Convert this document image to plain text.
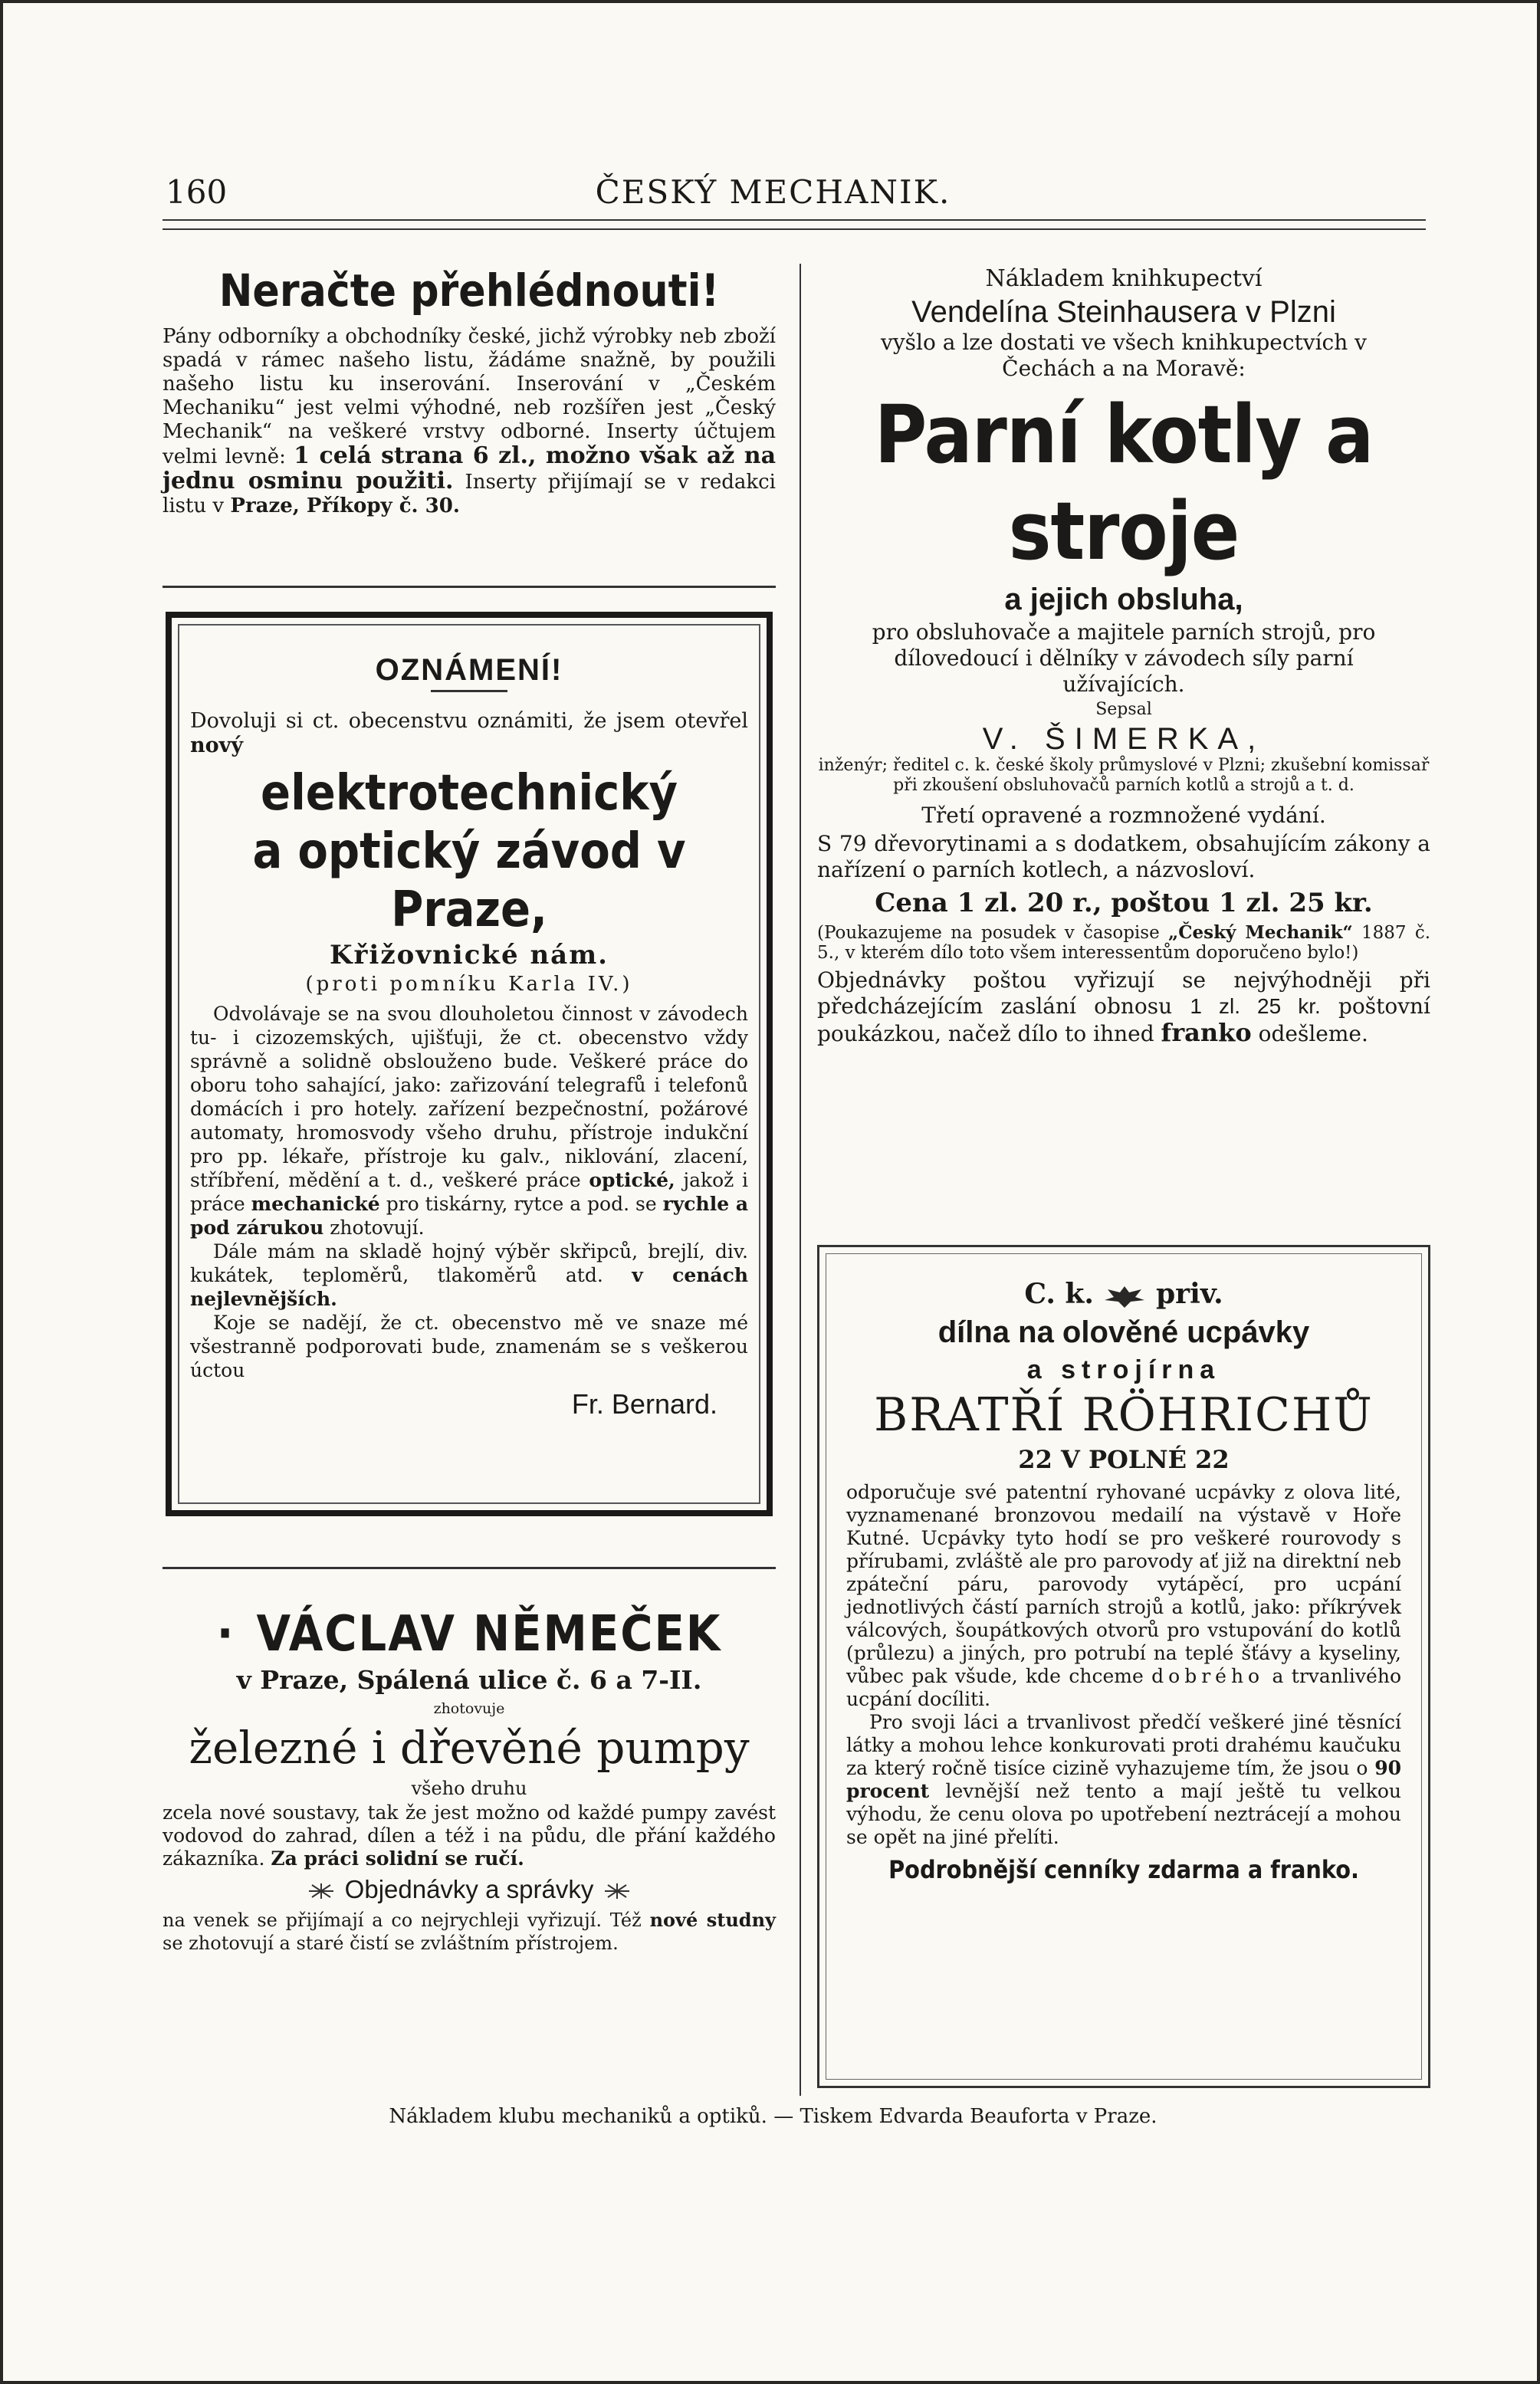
ČESKÝ MECHANIK.
160

Neračte přehlédnouti!

Pány odborníky a obchodníky české, jichž výrobky neb zboží spadá v rámec našeho listu, žádáme snažně, by použili našeho listu ku inserování. Inserování v „Českém Mechaniku“ jest velmi výhodné, neb rozšířen jest „Český Mechanik“ na veškeré vrstvy odborné. Inserty účtujem velmi levně: 1 celá strana 6 zl., možno však až na jednu osminu použiti. Inserty přijímají se v redakci listu v Praze, Příkopy č. 30.

OZNÁMENÍ!

Dovoluji si ct. obecenstvu oznámiti, že jsem otevřel nový

elektrotechnický

a optický závod v Praze,

Křižovnické nám.

(proti pomníku Karla IV.)

Odvolávaje se na svou dlouholetou činnost v závodech tu- i cizozemských, ujišťuji, že ct. obecenstvo vždy správně a solidně obslouženo bude. Veškeré práce do oboru toho sahající, jako: zařizování telegrafů i telefonů domácích i pro hotely. zařízení bezpečnostní, požárové automaty, hromosvody všeho druhu, přístroje indukční pro pp. lékaře, přístroje ku galv., niklování, zlacení, stříbření, mědění a t. d., veškeré práce optické, jakož i práce mechanické pro tiskárny, rytce a pod. se rychle a pod zárukou zhotovují.

Dále mám na skladě hojný výběr skřipců, brejlí, div. kukátek, teploměrů, tlakoměrů atd. v cenách nejlevnějších.

Koje se nadějí, že ct. obecenstvo mě ve snaze mé všestranně podporovati bude, znamenám se s veškerou úctou

Fr. Bernard.

· VÁCLAV NĚMEČEK

v Praze, Spálená ulice č. 6 a 7-II.

zhotovuje

železné i dřevěné pumpy

všeho druhu

zcela nové soustavy, tak že jest možno od každé pumpy zavést vodovod do zahrad, dílen a též i na půdu, dle přání každého zákazníka. Za práci solidní se ručí.

Objednávky a správky

na venek se přijímají a co nejrychleji vyřizují. Též nové studny se zhotovují a staré čistí se zvláštním přístrojem.

Nákladem knihkupectví

Vendelína Steinhausera v Plzni

vyšlo a lze dostati ve všech knihkupectvích v Čechách a na Moravě:

Parní kotly a stroje

a jejich obsluha,

pro obsluhovače a majitele parních strojů, pro dílovedoucí i dělníky v závodech síly parní užívajících.

Sepsal

V. ŠIMERKA,

inženýr; ředitel c. k. české školy průmyslové v Plzni; zkušební komissař při zkoušení obsluhovačů parních kotlů a strojů a t. d.

Třetí opravené a rozmnožené vydání.

S 79 dřevorytinami a s dodatkem, obsahujícím zákony a nařízení o parních kotlech, a názvosloví.

Cena 1 zl. 20 r., poštou 1 zl. 25 kr.

(Poukazujeme na posudek v časopise „Český Mechanik“ 1887 č. 5., v kterém dílo toto všem interessentům doporučeno bylo!)

Objednávky poštou vyřizují se nejvýhodněji při předcházejícím zaslání obnosu 1 zl. 25 kr. poštovní poukázkou, načež dílo to ihned franko odešleme.

C. k. priv.

dílna na olověné ucpávky

a strojírna

BRATŘÍ RÖHRICHŮ

22 V POLNÉ 22

odporučuje své patentní ryhované ucpávky z olova lité, vyznamenané bronzovou medailí na výstavě v Hoře Kutné. Ucpávky tyto hodí se pro veškeré rourovody s přírubami, zvláště ale pro parovody ať již na direktní neb zpáteční páru, parovody vytápěcí, pro ucpání jednotlivých částí parních strojů a kotlů, jako: příkrývek válcových, šoupátkových otvorů pro vstupování do kotlů (průlezu) a jiných, pro potrubí na teplé šťávy a kyseliny, vůbec pak všude, kde chceme dobrého a trvanlivého ucpání docíliti.

Pro svoji láci a trvanlivost předčí veškeré jiné těsnící látky a mohou lehce konkurovati proti drahému kaučuku za který ročně tisíce cizině vyhazujeme tím, že jsou o 90 procent levnější než tento a mají ještě tu velkou výhodu, že cenu olova po upotřebení neztrácejí a mohou se opět na jiné přelíti.

Podrobnější cenníky zdarma a franko.

Nákladem klubu mechaniků a optiků. — Tiskem Edvarda Beauforta v Praze.
